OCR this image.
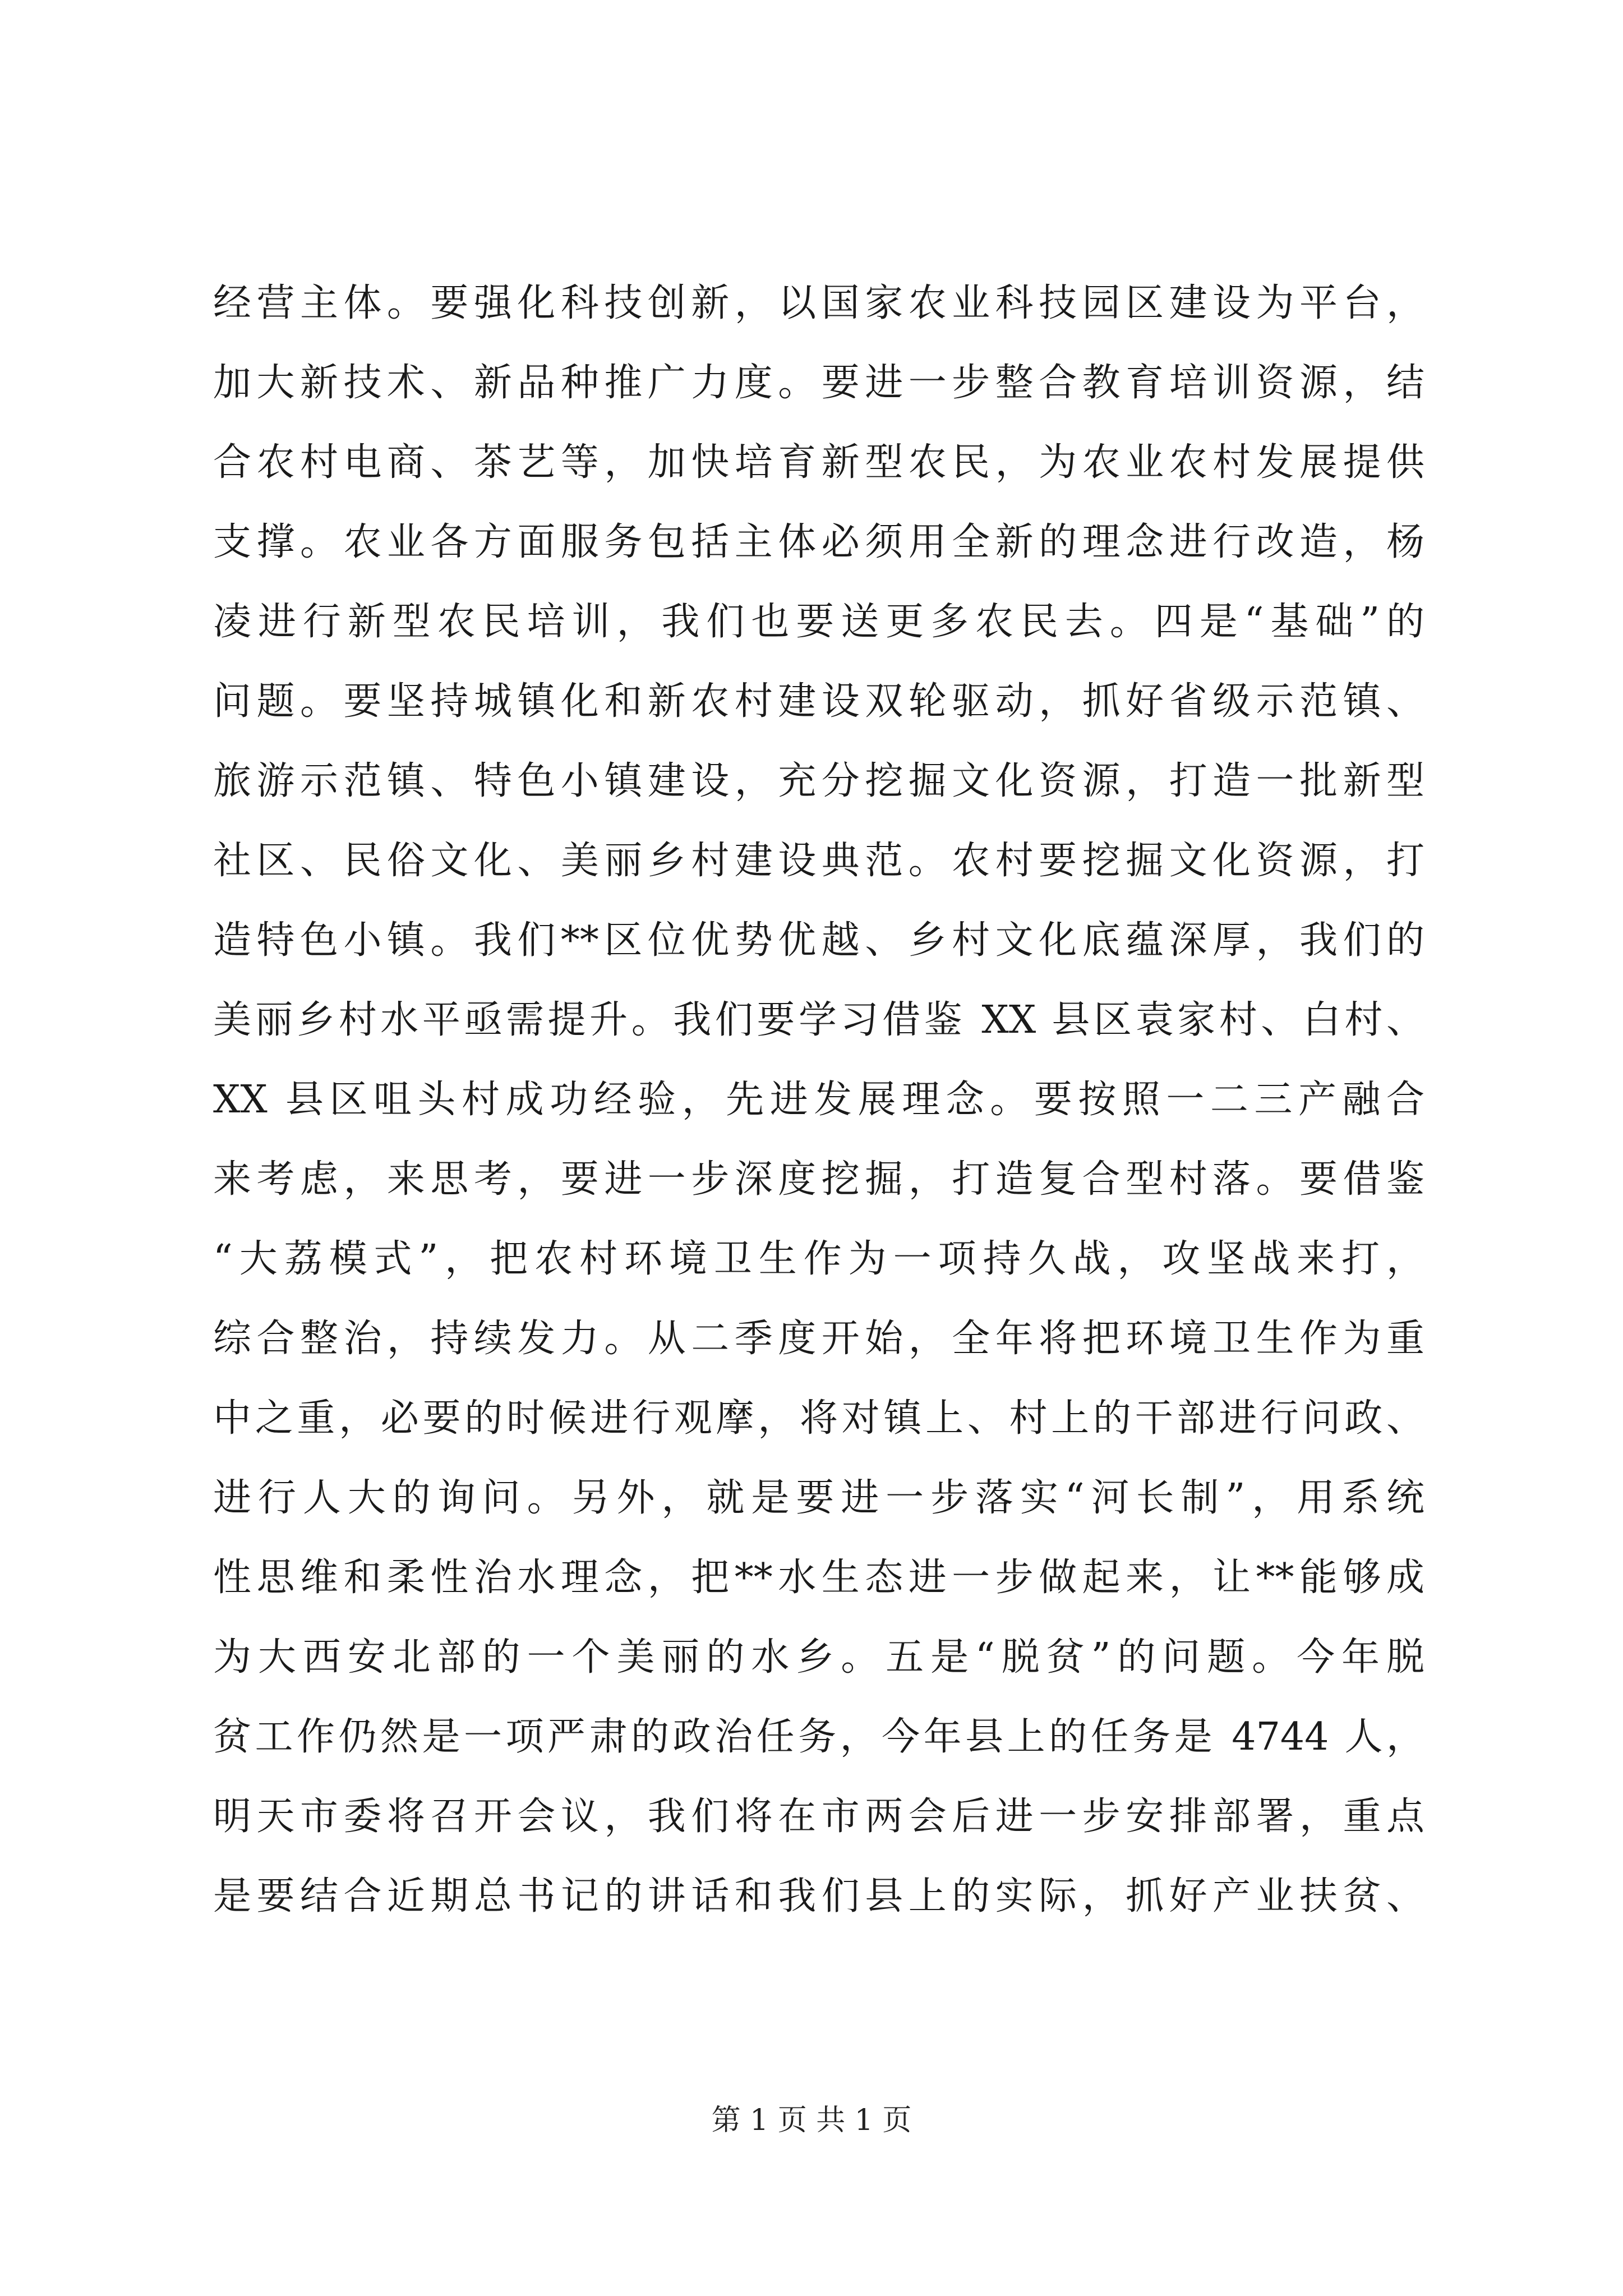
经营主体。要强化科技创新，以国家农业科技园区建设为平台，
加大新技术、新品种推广力度。要进一步整合教育培训资源，结
合农村电商、茶艺等，加快培育新型农民，为农业农村发展提供
支撑。农业各方面服务包括主体必须用全新的理念进行改造，杨
凌进行新型农民培训，我们也要送更多农民去。四是“基础”的
问题。要坚持城镇化和新农村建设双轮驱动，抓好省级示范镇、
旅游示范镇、特色小镇建设，充分挖掘文化资源，打造一批新型
社区、民俗文化、美丽乡村建设典范。农村要挖掘文化资源，打
造特色小镇。我们**区位优势优越、乡村文化底蕴深厚，我们的
美丽乡村水平亟需提升。我们要学习借鉴 XX 县区袁家村、白村、
XX 县区咀头村成功经验，先进发展理念。要按照一二三产融合
来考虑，来思考，要进一步深度挖掘，打造复合型村落。要借鉴
“大荔模式”，把农村环境卫生作为一项持久战，攻坚战来打，
综合整治，持续发力。从二季度开始，全年将把环境卫生作为重
中之重，必要的时候进行观摩，将对镇上、村上的干部进行问政、
进行人大的询问。另外，就是要进一步落实“河长制”，用系统
性思维和柔性治水理念，把**水生态进一步做起来，让**能够成
为大西安北部的一个美丽的水乡。五是“脱贫”的问题。今年脱
贫工作仍然是一项严肃的政治任务，今年县上的任务是 4744 人，
明天市委将召开会议，我们将在市两会后进一步安排部署，重点
是要结合近期总书记的讲话和我们县上的实际，抓好产业扶贫、
第 1 页 共 1 页
